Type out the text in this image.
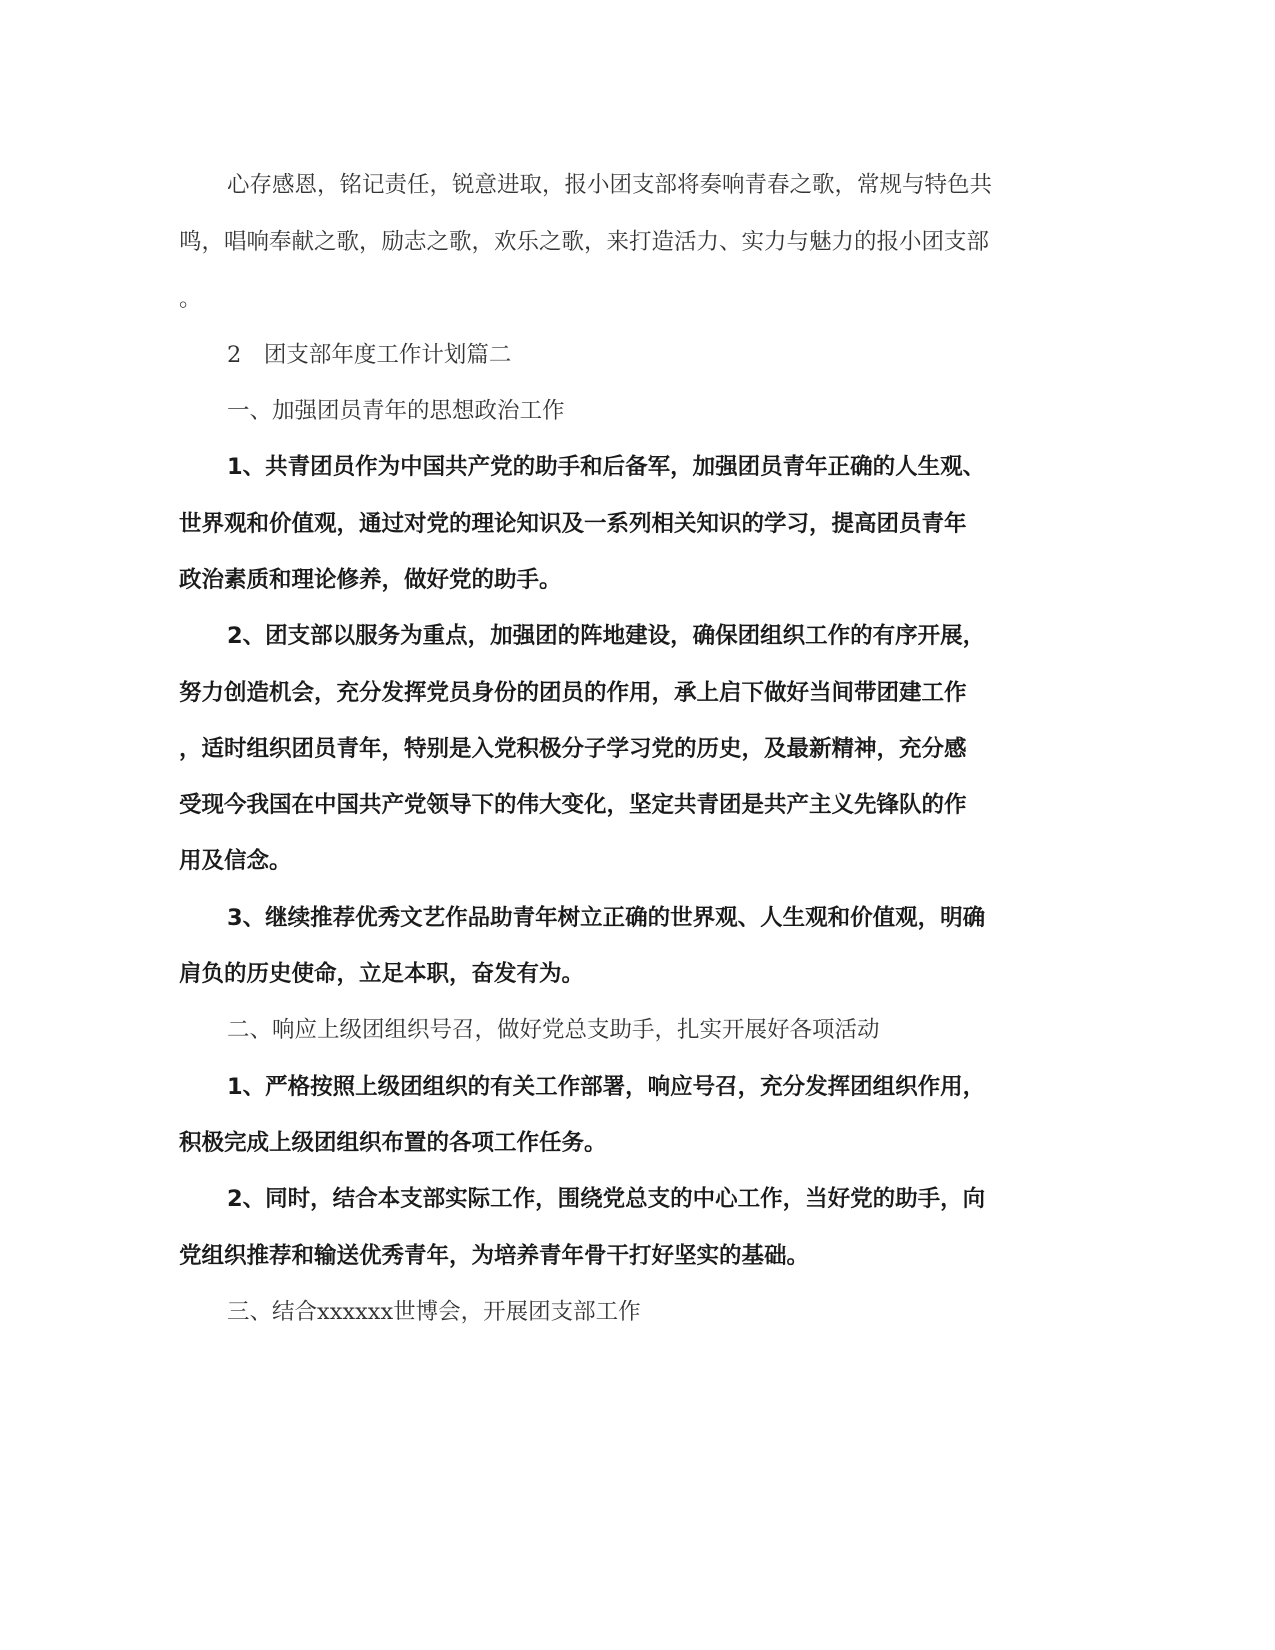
心存感恩，铭记责任，锐意进取，报小团支部将奏响青春之歌，常规与特色共
鸣，唱响奉献之歌，励志之歌，欢乐之歌，来打造活力、实力与魅力的报小团支部
。
2　团支部年度工作计划篇二
一、加强团员青年的思想政治工作
1、共青团员作为中国共产党的助手和后备军，加强团员青年正确的人生观、
世界观和价值观，通过对党的理论知识及一系列相关知识的学习，提高团员青年
政治素质和理论修养，做好党的助手。
2、团支部以服务为重点，加强团的阵地建设，确保团组织工作的有序开展，
努力创造机会，充分发挥党员身份的团员的作用，承上启下做好当间带团建工作
，适时组织团员青年，特别是入党积极分子学习党的历史，及最新精神，充分感
受现今我国在中国共产党领导下的伟大变化，坚定共青团是共产主义先锋队的作
用及信念。
3、继续推荐优秀文艺作品助青年树立正确的世界观、人生观和价值观，明确
肩负的历史使命，立足本职，奋发有为。
二、响应上级团组织号召，做好党总支助手，扎实开展好各项活动
1、严格按照上级团组织的有关工作部署，响应号召，充分发挥团组织作用，
积极完成上级团组织布置的各项工作任务。
2、同时，结合本支部实际工作，围绕党总支的中心工作，当好党的助手，向
党组织推荐和输送优秀青年，为培养青年骨干打好坚实的基础。
三、结合xxxxxx世博会，开展团支部工作
